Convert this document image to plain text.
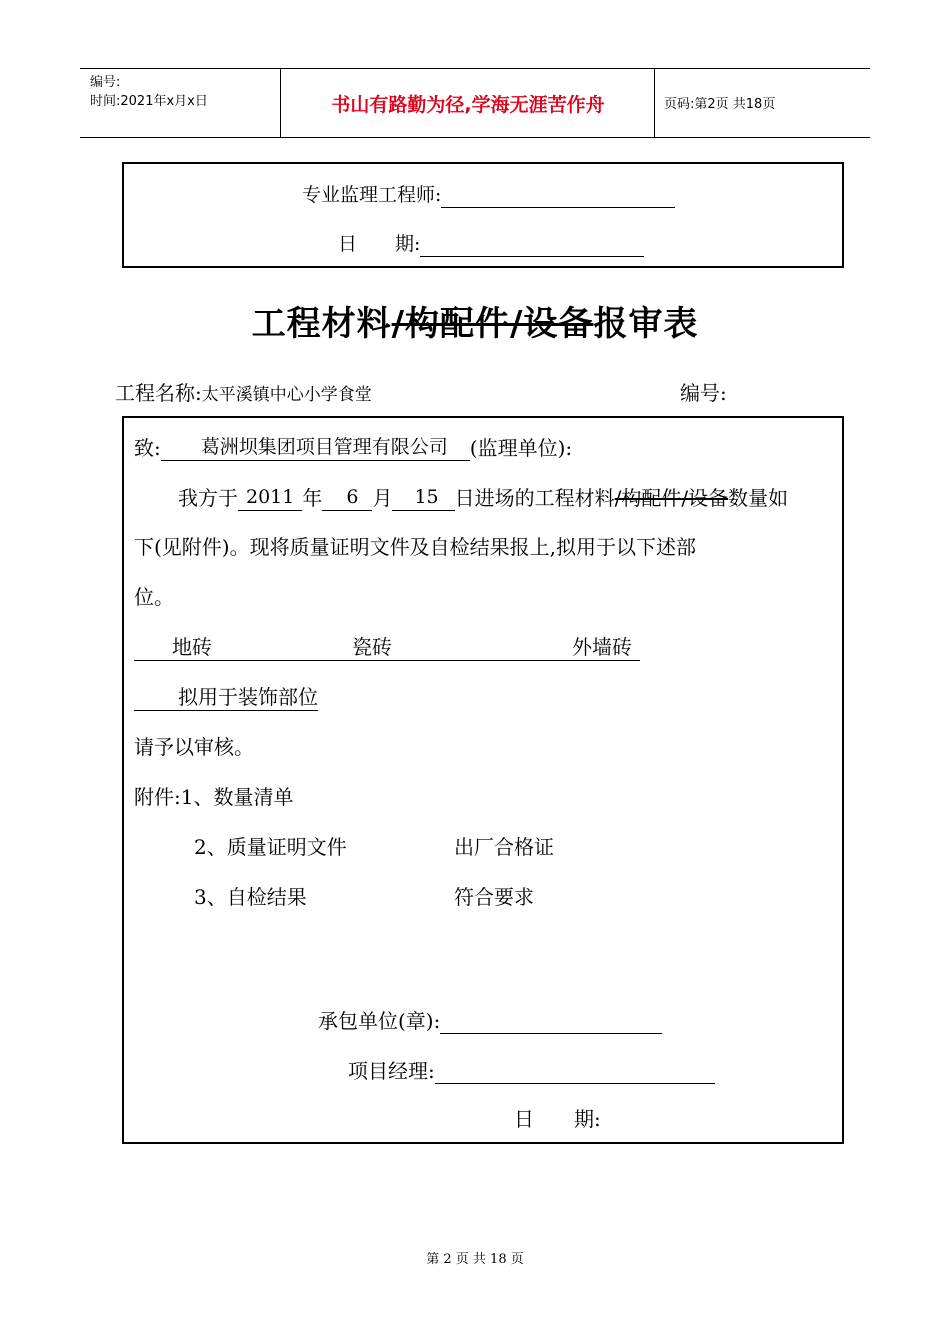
编号:
时间:2021年x月x日	书山有路勤为径,学海无涯苦作舟	页码:第2页 共18页
专业监理工程师:
日　　期:
工程材料/构配件/设备报审表
工程名称:太平溪镇中心小学食堂	编号:
致: 葛洲坝集团项目管理有限公司 (监理单位):
我方于 2011 年 6 月 15 日进场的工程材料/构配件/设备数量如
下(见附件)。现将质量证明文件及自检结果报上,拟用于以下述部
位。
地砖	瓷砖	外墙砖
拟用于装饰部位
请予以审核。
附件:1、数量清单
2、质量证明文件	出厂合格证
3、自检结果	符合要求
承包单位(章):
项目经理:
日　　期:
第 2 页 共 18 页
